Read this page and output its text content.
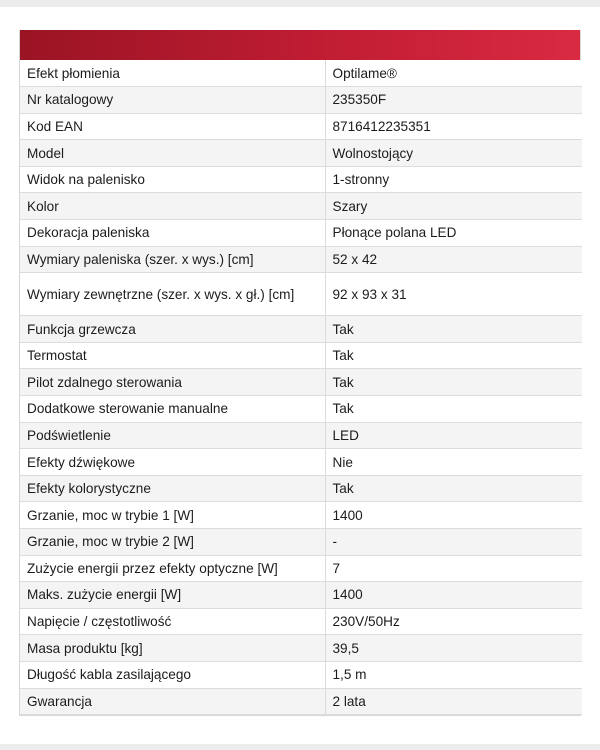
Efekt płomienia	Optilame®
Nr katalogowy	235350F
Kod EAN	8716412235351
Model	Wolnostojący
Widok na palenisko	1-stronny
Kolor	Szary
Dekoracja paleniska	Płonące polana LED
Wymiary paleniska (szer. x wys.) [cm]	52 x 42
Wymiary zewnętrzne (szer. x wys. x gł.) [cm]	92 x 93 x 31
Funkcja grzewcza	Tak
Termostat	Tak
Pilot zdalnego sterowania	Tak
Dodatkowe sterowanie manualne	Tak
Podświetlenie	LED
Efekty dźwiękowe	Nie
Efekty kolorystyczne	Tak
Grzanie, moc w trybie 1 [W]	1400
Grzanie, moc w trybie 2 [W]	-
Zużycie energii przez efekty optyczne [W]	7
Maks. zużycie energii [W]	1400
Napięcie / częstotliwość	230V/50Hz
Masa produktu [kg]	39,5
Długość kabla zasilającego	1,5 m
Gwarancja	2 lata
